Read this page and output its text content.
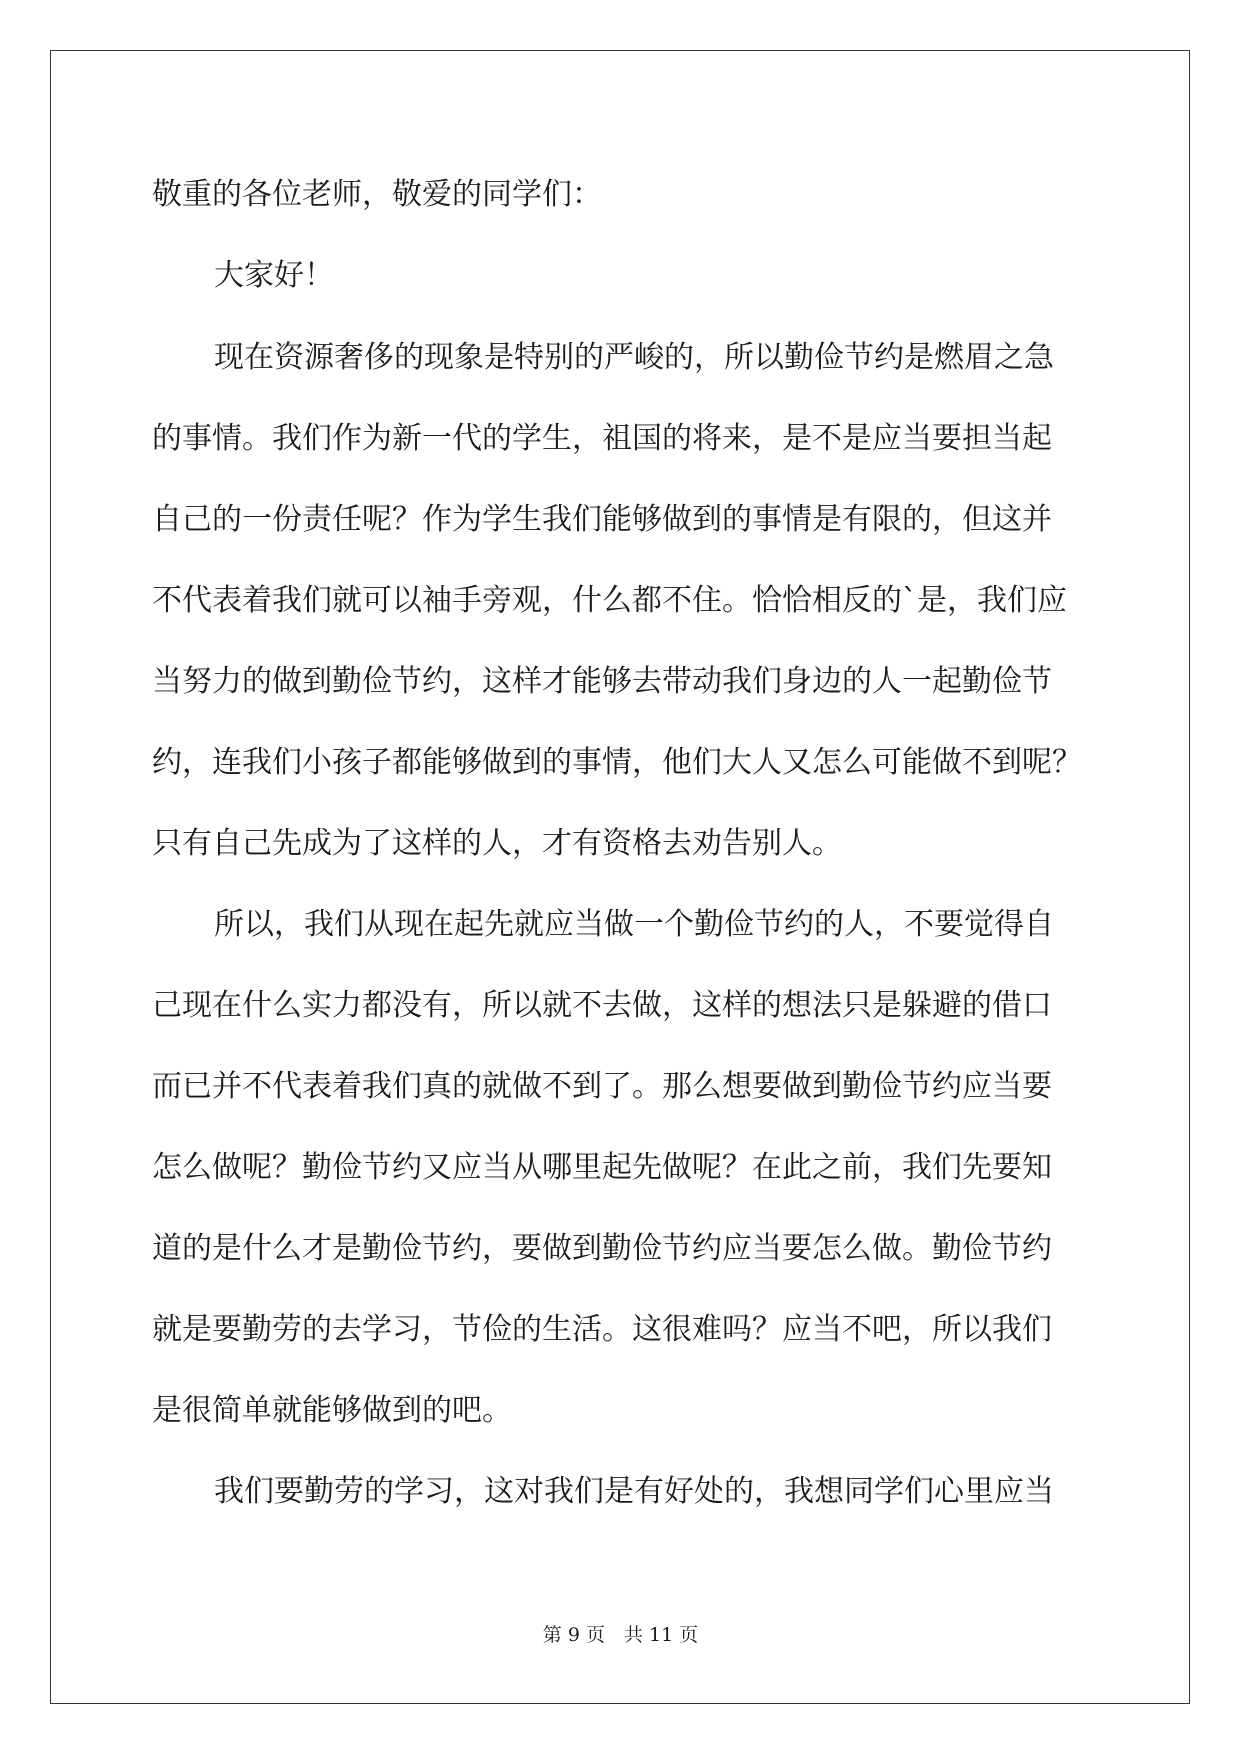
敬重的各位老师，敬爱的同学们：
大家好！
现在资源奢侈的现象是特别的严峻的，所以勤俭节约是燃眉之急
的事情。我们作为新一代的学生，祖国的将来，是不是应当要担当起
自己的一份责任呢？作为学生我们能够做到的事情是有限的，但这并
不代表着我们就可以袖手旁观，什么都不住。恰恰相反的`是，我们应
当努力的做到勤俭节约，这样才能够去带动我们身边的人一起勤俭节
约，连我们小孩子都能够做到的事情，他们大人又怎么可能做不到呢？
只有自己先成为了这样的人，才有资格去劝告别人。
所以，我们从现在起先就应当做一个勤俭节约的人，不要觉得自
己现在什么实力都没有，所以就不去做，这样的想法只是躲避的借口
而已并不代表着我们真的就做不到了。那么想要做到勤俭节约应当要
怎么做呢？勤俭节约又应当从哪里起先做呢？在此之前，我们先要知
道的是什么才是勤俭节约，要做到勤俭节约应当要怎么做。勤俭节约
就是要勤劳的去学习，节俭的生活。这很难吗？应当不吧，所以我们
是很简单就能够做到的吧。
我们要勤劳的学习，这对我们是有好处的，我想同学们心里应当
第 9 页　共 11 页
